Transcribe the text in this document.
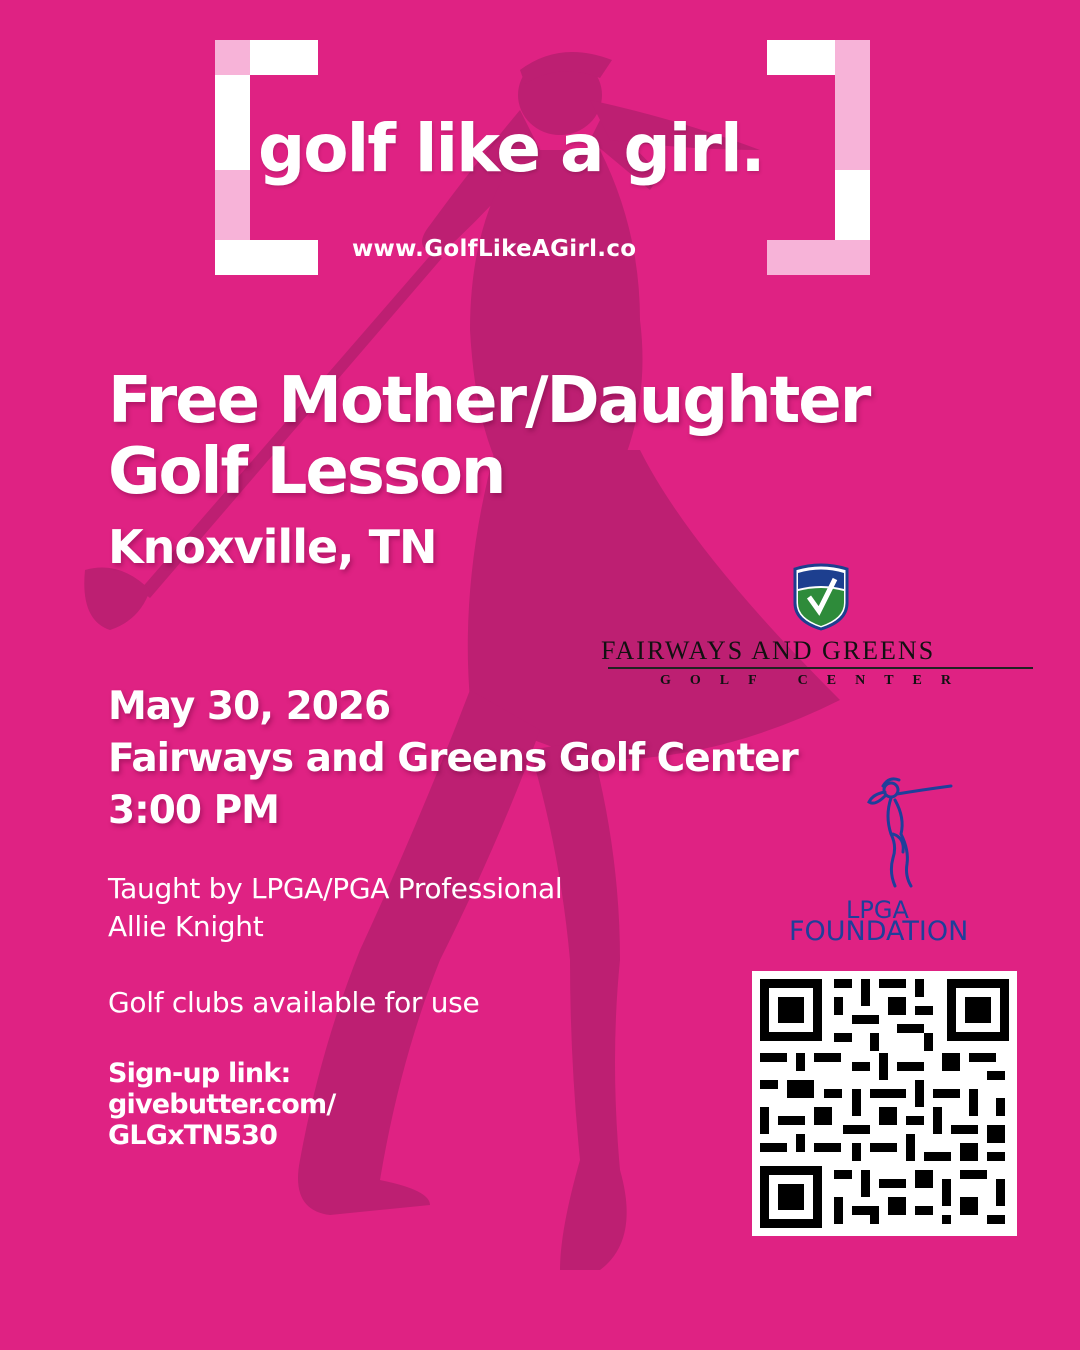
golf like a girl.
www.GolfLikeAGirl.co
Free Mother/Daughter
Golf Lesson
Knoxville, TN
May 30, 2026
Fairways and Greens Golf Center
3:00 PM
Taught by LPGA/PGA Professional
Allie Knight
Golf clubs available for use
Sign-up link:
givebutter.com/
GLGxTN530
FAIRWAYS AND GREENS
GOLF CENTER
LPGA
FOUNDATION
